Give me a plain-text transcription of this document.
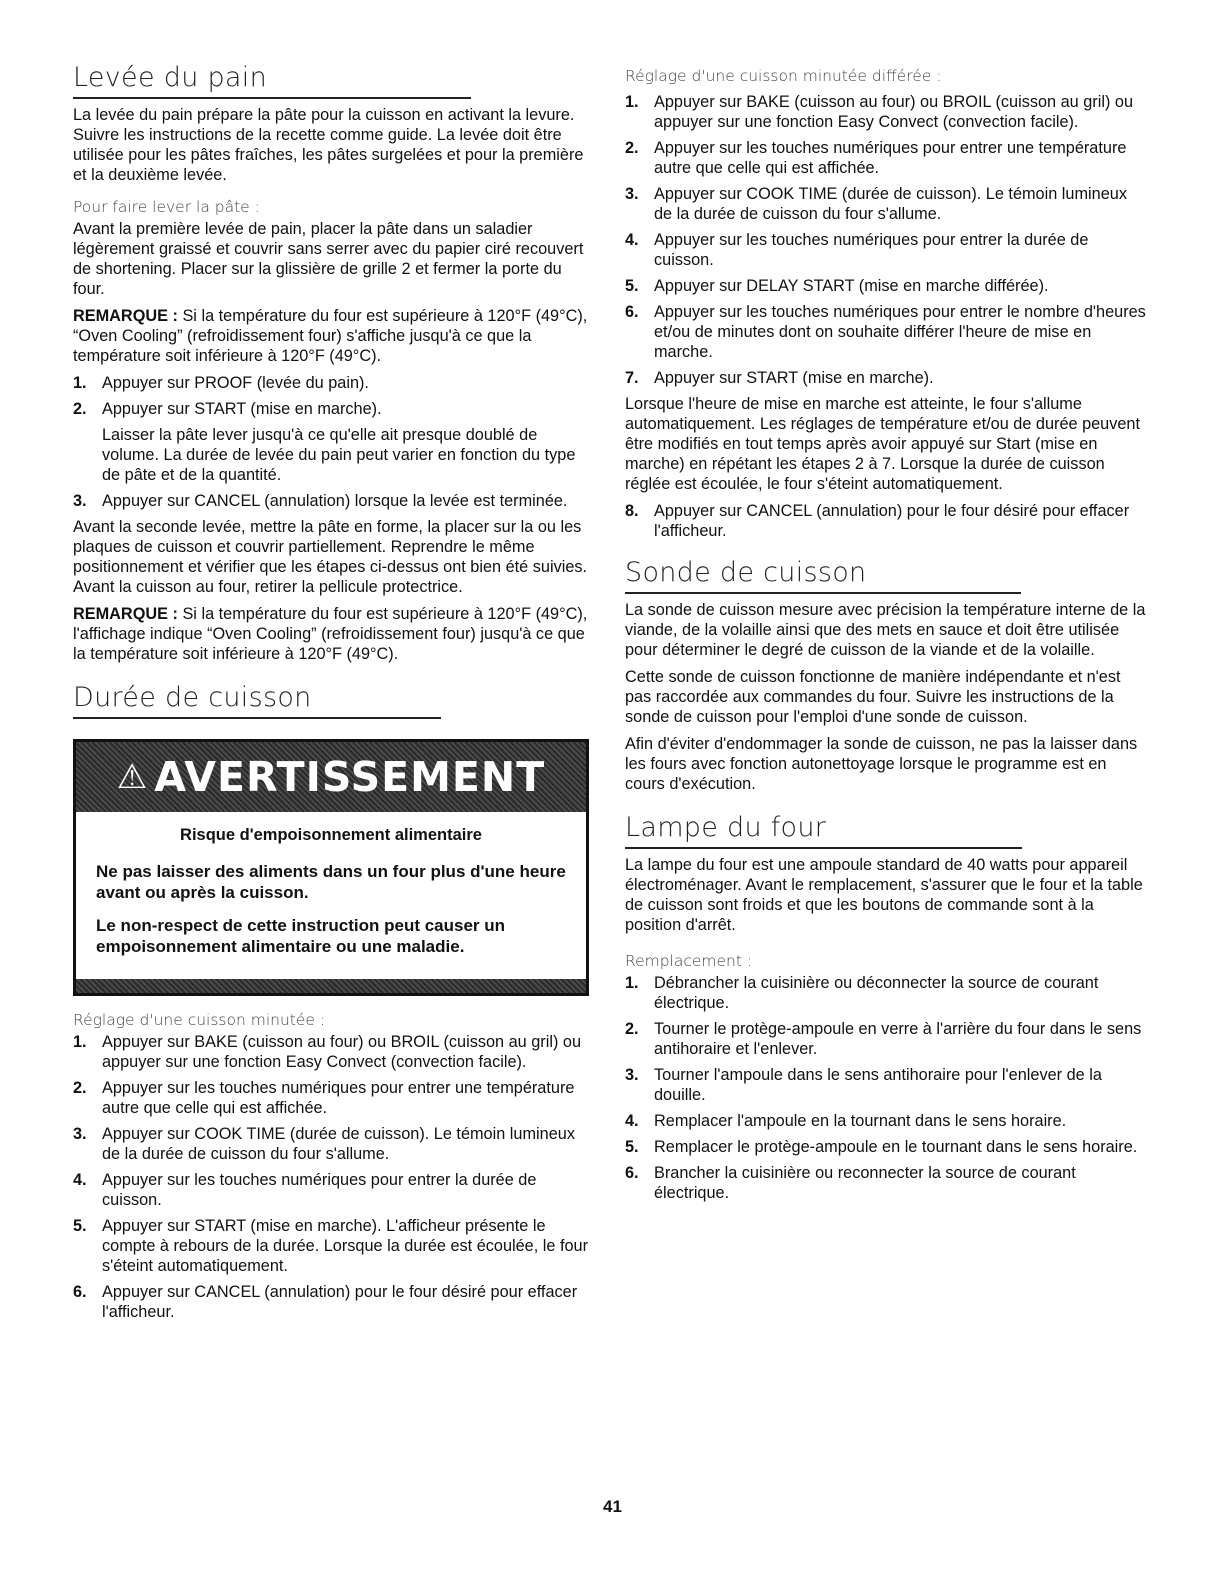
Levée du pain

La levée du pain prépare la pâte pour la cuisson en activant la levure. Suivre les instructions de la recette comme guide. La levée doit être utilisée pour les pâtes fraîches, les pâtes surgelées et pour la première et la deuxième levée.

Pour faire lever la pâte :

Avant la première levée de pain, placer la pâte dans un saladier légèrement graissé et couvrir sans serrer avec du papier ciré recouvert de shortening. Placer sur la glissière de grille 2 et fermer la porte du four.

REMARQUE : Si la température du four est supérieure à 120°F (49°C), “Oven Cooling” (refroidissement four) s'affiche jusqu'à ce que la température soit inférieure à 120°F (49°C).

1. Appuyer sur PROOF (levée du pain).
2. Appuyer sur START (mise en marche).
Laisser la pâte lever jusqu'à ce qu'elle ait presque doublé de volume. La durée de levée du pain peut varier en fonction du type de pâte et de la quantité.
3. Appuyer sur CANCEL (annulation) lorsque la levée est terminée.

Avant la seconde levée, mettre la pâte en forme, la placer sur la ou les plaques de cuisson et couvrir partiellement. Reprendre le même positionnement et vérifier que les étapes ci-dessus ont bien été suivies. Avant la cuisson au four, retirer la pellicule protectrice.

REMARQUE : Si la température du four est supérieure à 120°F (49°C), l'affichage indique “Oven Cooling” (refroidissement four) jusqu'à ce que la température soit inférieure à 120°F (49°C).

Durée de cuisson
⚠ AVERTISSEMENT
Risque d'empoisonnement alimentaire
Ne pas laisser des aliments dans un four plus d'une heure avant ou après la cuisson.
Le non-respect de cette instruction peut causer un empoisonnement alimentaire ou une maladie.
Réglage d'une cuisson minutée :
1. Appuyer sur BAKE (cuisson au four) ou BROIL (cuisson au gril) ou appuyer sur une fonction Easy Convect (convection facile).
2. Appuyer sur les touches numériques pour entrer une température autre que celle qui est affichée.
3. Appuyer sur COOK TIME (durée de cuisson). Le témoin lumineux de la durée de cuisson du four s'allume.
4. Appuyer sur les touches numériques pour entrer la durée de cuisson.
5. Appuyer sur START (mise en marche). L'afficheur présente le compte à rebours de la durée. Lorsque la durée est écoulée, le four s'éteint automatiquement.
6. Appuyer sur CANCEL (annulation) pour le four désiré pour effacer l'afficheur.
Réglage d'une cuisson minutée différée :
1. Appuyer sur BAKE (cuisson au four) ou BROIL (cuisson au gril) ou appuyer sur une fonction Easy Convect (convection facile).
2. Appuyer sur les touches numériques pour entrer une température autre que celle qui est affichée.
3. Appuyer sur COOK TIME (durée de cuisson). Le témoin lumineux de la durée de cuisson du four s'allume.
4. Appuyer sur les touches numériques pour entrer la durée de cuisson.
5. Appuyer sur DELAY START (mise en marche différée).
6. Appuyer sur les touches numériques pour entrer le nombre d'heures et/ou de minutes dont on souhaite différer l'heure de mise en marche.
7. Appuyer sur START (mise en marche).

Lorsque l'heure de mise en marche est atteinte, le four s'allume automatiquement. Les réglages de température et/ou de durée peuvent être modifiés en tout temps après avoir appuyé sur Start (mise en marche) en répétant les étapes 2 à 7. Lorsque la durée de cuisson réglée est écoulée, le four s'éteint automatiquement.

8. Appuyer sur CANCEL (annulation) pour le four désiré pour effacer l'afficheur.
Sonde de cuisson

La sonde de cuisson mesure avec précision la température interne de la viande, de la volaille ainsi que des mets en sauce et doit être utilisée pour déterminer le degré de cuisson de la viande et de la volaille.

Cette sonde de cuisson fonctionne de manière indépendante et n'est pas raccordée aux commandes du four. Suivre les instructions de la sonde de cuisson pour l'emploi d'une sonde de cuisson.

Afin d'éviter d'endommager la sonde de cuisson, ne pas la laisser dans les fours avec fonction autonettoyage lorsque le programme est en cours d'exécution.

Lampe du four

La lampe du four est une ampoule standard de 40 watts pour appareil électroménager. Avant le remplacement, s'assurer que le four et la table de cuisson sont froids et que les boutons de commande sont à la position d'arrêt.

Remplacement :
1. Débrancher la cuisinière ou déconnecter la source de courant électrique.
2. Tourner le protège-ampoule en verre à l'arrière du four dans le sens antihoraire et l'enlever.
3. Tourner l'ampoule dans le sens antihoraire pour l'enlever de la douille.
4. Remplacer l'ampoule en la tournant dans le sens horaire.
5. Remplacer le protège-ampoule en le tournant dans le sens horaire.
6. Brancher la cuisinière ou reconnecter la source de courant électrique.
41
